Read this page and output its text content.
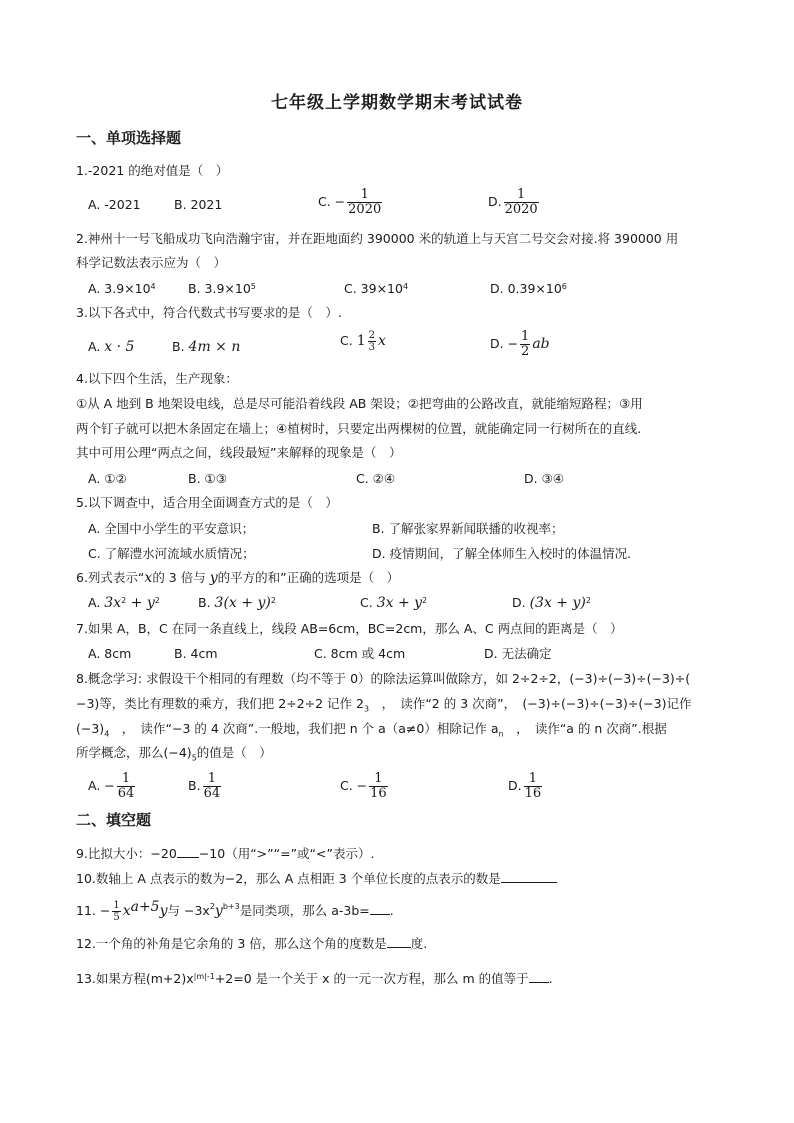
七年级上学期数学期末考试试卷
一、单项选择题
1.-2021 的绝对值是（　）
A. -2021	B. 2021	C. − $\frac{1}{2020}$	D. $\frac{1}{2020}$
2.神州十一号飞船成功飞向浩瀚宇宙，并在距地面约 390000 米的轨道上与天宫二号交会对接.将 390000 用
科学记数法表示应为（　）
A. $3.9\times 10^4$	B. $3.9\times 10^5$	C. $39\times 10^4$	D. $0.39\times 10^6$
3.以下各式中，符合代数式书写要求的是（　）.
A. x · 5	B. 4m × n	C. $1 \frac{2}{3}$ x	D. − $\frac{1}{2}$ ab
4.以下四个生活，生产现象：
①从 A 地到 B 地架设电线，总是尽可能沿着线段 AB 架设；②把弯曲的公路改直，就能缩短路程；③用
两个钉子就可以把木条固定在墙上；④植树时，只要定出两棵树的位置，就能确定同一行树所在的直线.
其中可用公理“两点之间，线段最短”来解释的现象是（　）
A. ①②	B. ①③	C. ②④	D. ③④
5.以下调查中，适合用全面调查方式的是（　）
A. 全国中小学生的平安意识；	B. 了解张家界新闻联播的收视率；
C. 了解澧水河流域水质情况；	D. 疫情期间，了解全体师生入校时的体温情况.
6.列式表示“x的 3 倍与 y的平方的和”正确的选项是（　）
A. $3x^2 + y^2$	B. $3(x + y)^2$	C. $3x + y^2$	D. $(3x + y)^2$
7.如果 A，B，C 在同一条直线上，线段 AB=6cm，BC=2cm，那么 A、C 两点间的距离是（　）
A. 8cm	B. 4cm	C. 8cm 或 4cm	D. 无法确定
8.概念学习: 求假设干个相同的有理数（均不等于 0）的除法运算叫做除方，如 2÷2÷2，(−3)÷(−3)÷(−3)÷(
−3)等，类比有理数的乘方，我们把 2÷2÷2 记作 $2_3$　，　读作“2 的 3 次商”，　(−3)÷(−3)÷(−3)÷(−3)记作
$(-3)_4$　，　读作“−3 的 4 次商”.一般地，我们把 n 个 a（a≠0）相除记作 $a_n$　，　读作“a 的 n 次商”.根据
所学概念，那么$(-4)_5$的值是（　）
A. − $\frac{1}{64}$	B. $\frac{1}{64}$	C. − $\frac{1}{16}$	D. $\frac{1}{16}$
二、填空题
9.比拟大小：−20 −10（用“>”“=”或“<”表示）.
10.数轴上 A 点表示的数为−2，那么 A 点相距 3 个单位长度的点表示的数是
11. − $\frac{1}{5} x^{a+5}y$与 $-3x^2y^{b+3}$是同类项，那么 a-3b= .
12.一个角的补角是它余角的 3 倍，那么这个角的度数是 度.
13.如果方程$(m+2)x^{|m|-1}+2=0$ 是一个关于 x 的一元一次方程，那么 m 的值等于 .
